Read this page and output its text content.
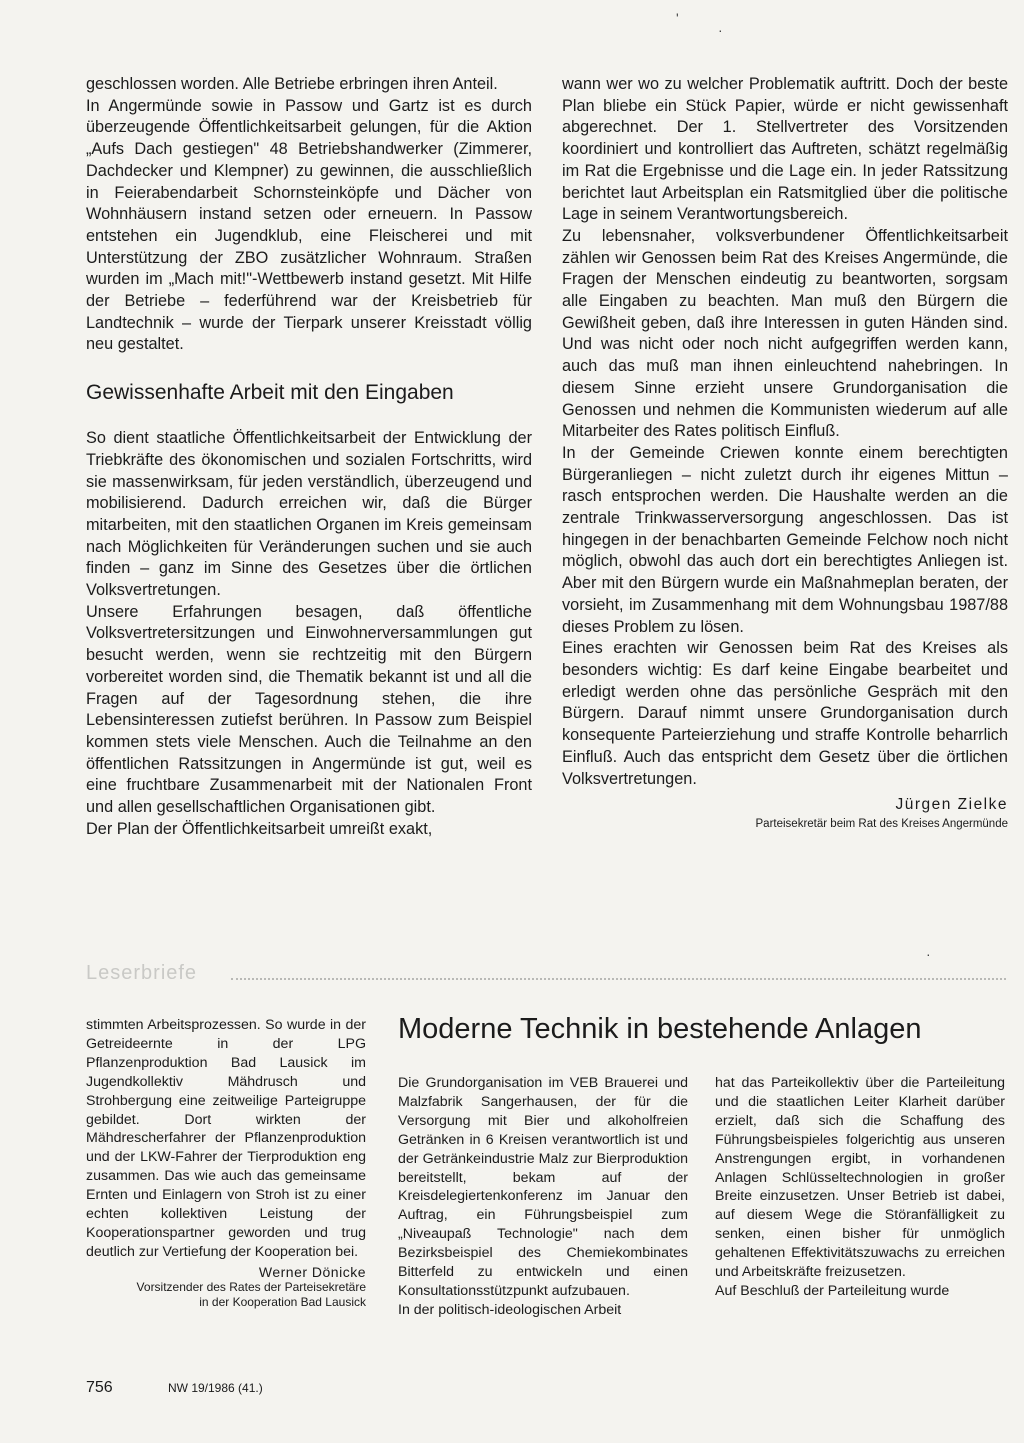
geschlossen worden. Alle Betriebe erbringen ihren Anteil.

In Angermünde sowie in Passow und Gartz ist es durch überzeugende Öffentlichkeitsarbeit gelungen, für die Aktion „Aufs Dach gestiegen" 48 Betriebshandwerker (Zimmerer, Dachdecker und Klempner) zu gewinnen, die ausschließlich in Feierabendarbeit Schornsteinköpfe und Dächer von Wohnhäusern instand setzen oder erneuern. In Passow entstehen ein Jugendklub, eine Fleischerei und mit Unterstützung der ZBO zusätzlicher Wohnraum. Straßen wurden im „Mach mit!"-Wettbewerb instand gesetzt. Mit Hilfe der Betriebe – federführend war der Kreisbetrieb für Landtechnik – wurde der Tierpark unserer Kreisstadt völlig neu gestaltet.

Gewissenhafte Arbeit mit den Eingaben

So dient staatliche Öffentlichkeitsarbeit der Entwicklung der Triebkräfte des ökonomischen und sozialen Fortschritts, wird sie massenwirksam, für jeden verständlich, überzeugend und mobilisierend. Dadurch erreichen wir, daß die Bürger mitarbeiten, mit den staatlichen Organen im Kreis gemeinsam nach Möglichkeiten für Veränderungen suchen und sie auch finden – ganz im Sinne des Gesetzes über die örtlichen Volksvertretungen.

Unsere Erfahrungen besagen, daß öffentliche Volksvertretersitzungen und Einwohnerversammlungen gut besucht werden, wenn sie rechtzeitig mit den Bürgern vorbereitet worden sind, die Thematik bekannt ist und all die Fragen auf der Tagesordnung stehen, die ihre Lebensinteressen zutiefst berühren. In Passow zum Beispiel kommen stets viele Menschen. Auch die Teilnahme an den öffentlichen Ratssitzungen in Angermünde ist gut, weil es eine fruchtbare Zusammenarbeit mit der Nationalen Front und allen gesellschaftlichen Organisationen gibt.

Der Plan der Öffentlichkeitsarbeit umreißt exakt,

wann wer wo zu welcher Problematik auftritt. Doch der beste Plan bliebe ein Stück Papier, würde er nicht gewissenhaft abgerechnet. Der 1. Stellvertreter des Vorsitzenden koordiniert und kontrolliert das Auftreten, schätzt regelmäßig im Rat die Ergebnisse und die Lage ein. In jeder Ratssitzung berichtet laut Arbeitsplan ein Ratsmitglied über die politische Lage in seinem Verantwortungsbereich.

Zu lebensnaher, volksverbundener Öffentlichkeitsarbeit zählen wir Genossen beim Rat des Kreises Angermünde, die Fragen der Menschen eindeutig zu beantworten, sorgsam alle Eingaben zu beachten. Man muß den Bürgern die Gewißheit geben, daß ihre Interessen in guten Händen sind. Und was nicht oder noch nicht aufgegriffen werden kann, auch das muß man ihnen einleuchtend nahebringen. In diesem Sinne erzieht unsere Grundorganisation die Genossen und nehmen die Kommunisten wiederum auf alle Mitarbeiter des Rates politisch Einfluß.

In der Gemeinde Criewen konnte einem berechtigten Bürgeranliegen – nicht zuletzt durch ihr eigenes Mittun – rasch entsprochen werden. Die Haushalte werden an die zentrale Trinkwasserversorgung angeschlossen. Das ist hingegen in der benachbarten Gemeinde Felchow noch nicht möglich, obwohl das auch dort ein berechtigtes Anliegen ist. Aber mit den Bürgern wurde ein Maßnahmeplan beraten, der vorsieht, im Zusammenhang mit dem Wohnungsbau 1987/88 dieses Problem zu lösen.

Eines erachten wir Genossen beim Rat des Kreises als besonders wichtig: Es darf keine Eingabe bearbeitet und erledigt werden ohne das persönliche Gespräch mit den Bürgern. Darauf nimmt unsere Grundorganisation durch konsequente Parteierziehung und straffe Kontrolle beharrlich Einfluß. Auch das entspricht dem Gesetz über die örtlichen Volksvertretungen.

Jürgen Zielke
Parteisekretär beim Rat des Kreises Angermünde
Leserbriefe

stimmten Arbeitsprozessen. So wurde in der Getreideernte in der LPG Pflanzenproduktion Bad Lausick im Jugendkollektiv Mähdrusch und Strohbergung eine zeitweilige Parteigruppe gebildet. Dort wirkten der Mähdrescherfahrer der Pflanzenproduktion und der LKW-Fahrer der Tierproduktion eng zusammen. Das wie auch das gemeinsame Ernten und Einlagern von Stroh ist zu einer echten kollektiven Leistung der Kooperationspartner geworden und trug deutlich zur Vertiefung der Kooperation bei.

Werner Dönicke
Vorsitzender des Rates der Parteisekretäre
in der Kooperation Bad Lausick
Moderne Technik in bestehende Anlagen

Die Grundorganisation im VEB Brauerei und Malzfabrik Sangerhausen, der für die Versorgung mit Bier und alkoholfreien Getränken in 6 Kreisen verantwortlich ist und der Getränkeindustrie Malz zur Bierproduktion bereitstellt, bekam auf der Kreisdelegiertenkonferenz im Januar den Auftrag, ein Führungsbeispiel zum „Niveaupaß Technologie" nach dem Bezirksbeispiel des Chemiekombinates Bitterfeld zu entwickeln und einen Konsultationsstützpunkt aufzubauen.

In der politisch-ideologischen Arbeit

hat das Parteikollektiv über die Parteileitung und die staatlichen Leiter Klarheit darüber erzielt, daß sich die Schaffung des Führungsbeispieles folgerichtig aus unseren Anstrengungen ergibt, in vorhandenen Anlagen Schlüsseltechnologien in großer Breite einzusetzen. Unser Betrieb ist dabei, auf diesem Wege die Störanfälligkeit zu senken, einen bisher für unmöglich gehaltenen Effektivitätszuwachs zu erreichen und Arbeitskräfte freizusetzen.

Auf Beschluß der Parteileitung wurde

756	NW 19/1986 (41.)
·
'
·
